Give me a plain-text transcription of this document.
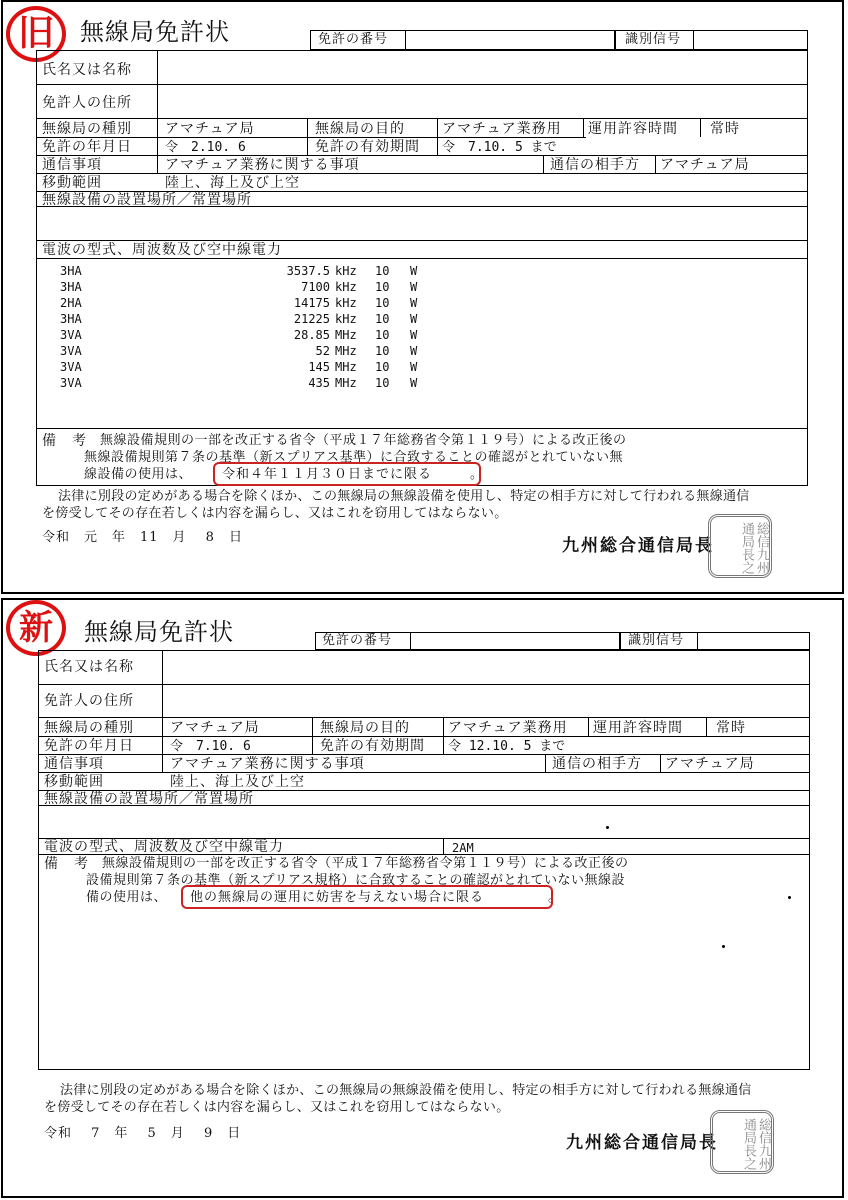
旧	無線局免許状	免許の番号	識別信号
氏名又は名称
免許人の住所
無線局の種別 アマチュア局	無線局の目的	アマチュア業務用 運用許容時間 常時
免許の年月日	令　2.10. 6	免許の有効期間 令　7.10. 5 まで
通信事項	アマチュア業務に関する事項	通信の相手方 アマチュア局
移動範囲	陸上、海上及び上空
無線設備の設置場所／常置場所
電波の型式、周波数及び空中線電力
3HA	3537.5 kHz 10 W
3HA	7100 kHz 10 W
2HA	14175 kHz 10 W
3HA	21225 kHz 10 W
3VA	28.85 MHz 10 W
3VA	52 MHz 10 W
3VA	145 MHz 10 W
3VA	435 MHz 10 W
備　考 無線設備規則の一部を改正する省令（平成１７年総務省令第１１９号）による改正後の
無線設備規則第７条の基準（新スプリアス基準）に合致することの確認がとれていない無
線設備の使用は、 令和４年１１月３０日までに限る	。
法律に別段の定めがある場合を除くほか、この無線局の無線設備を使用し、特定の相手方に対して行われる無線通信
を傍受してその存在若しくは内容を漏らし、又はこれを窃用してはならない。
令和　元　年　11　月　 8　日	九州総合通信局長	総信九州通局長之
新	無線局免許状	免許の番号	識別信号
氏名又は名称
免許人の住所
無線局の種別	アマチュア局	無線局の目的	アマチュア業務用 運用許容時間 常時
免許の年月日	令　7.10. 6	免許の有効期間 令 12.10. 5 まで
通信事項	アマチュア業務に関する事項	通信の相手方 アマチュア局
移動範囲	陸上、海上及び上空
無線設備の設置場所／常置場所
電波の型式、周波数及び空中線電力	2AM
備　考 無線設備規則の一部を改正する省令（平成１７年総務省令第１１９号）による改正後の
設備規則第７条の基準（新スプリアス規格）に合致することの確認がとれていない無線設
備の使用は、 他の無線局の運用に妨害を与えない場合に限る	。
法律に別段の定めがある場合を除くほか、この無線局の無線設備を使用し、特定の相手方に対して行われる無線通信
を傍受してその存在若しくは内容を漏らし、又はこれを窃用してはならない。
令和　 7　年　 5　月　 9　日	九州総合通信局長	総信九州通局長之
